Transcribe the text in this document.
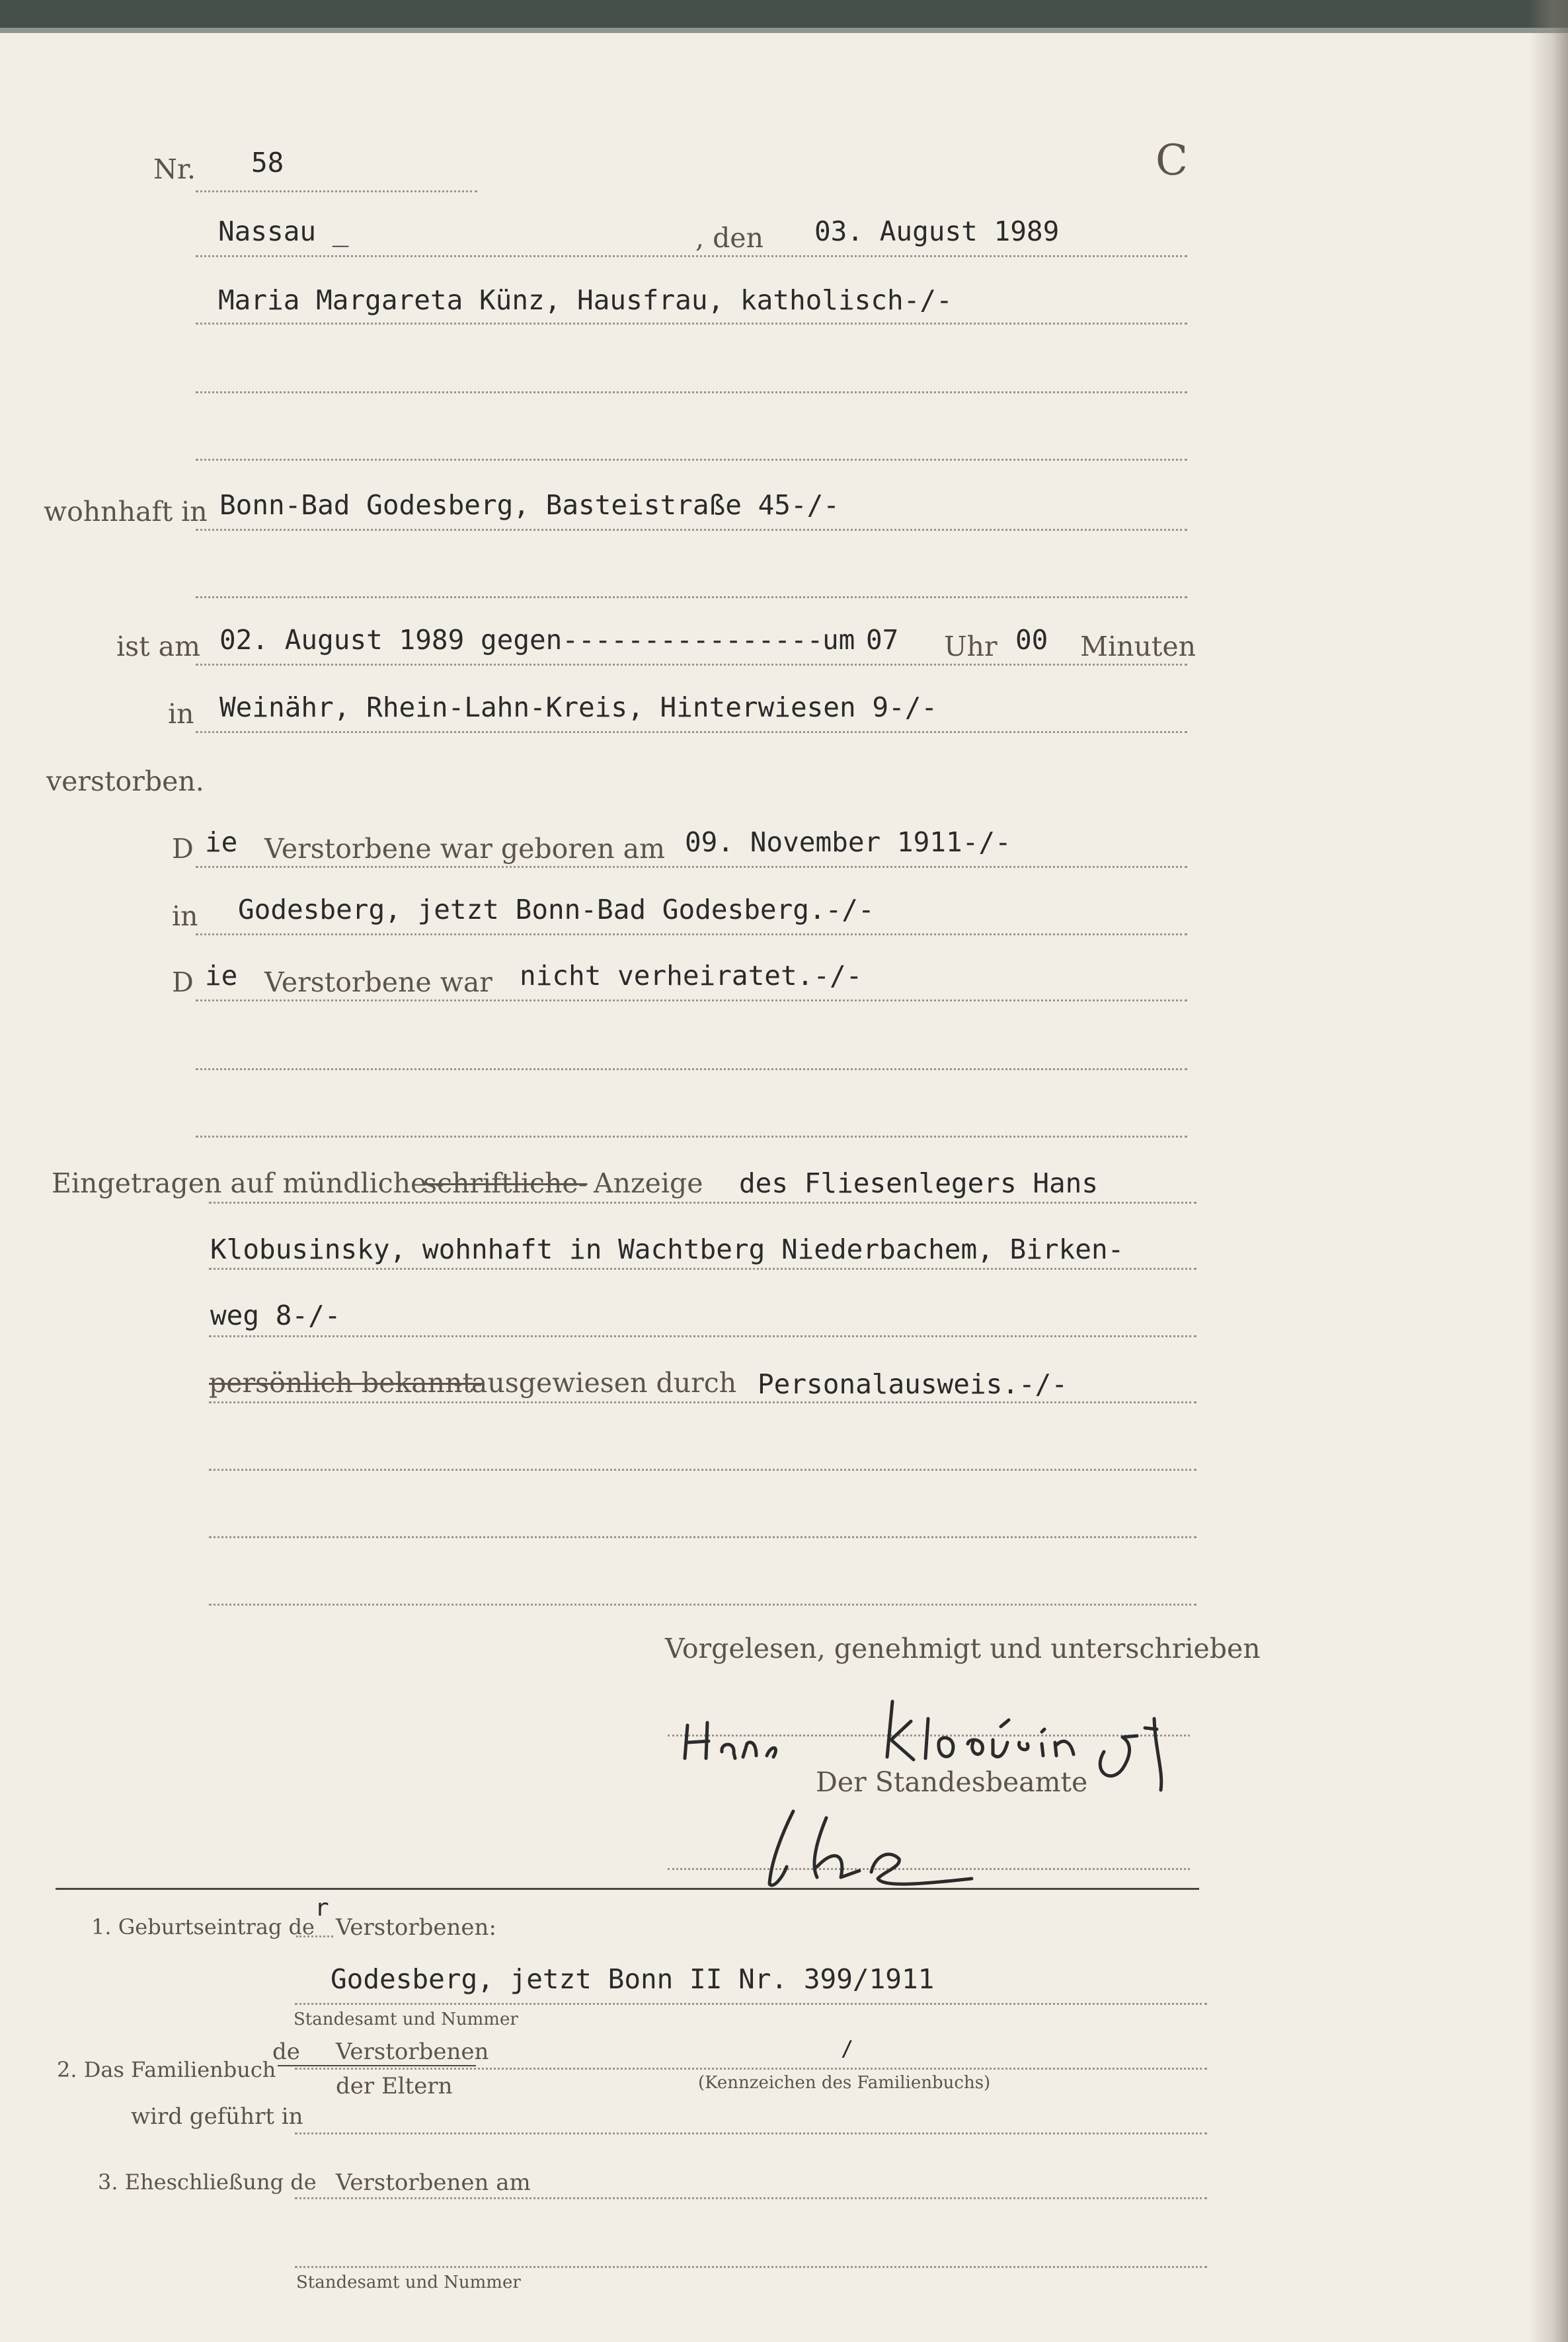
Nr. 58	C
Nassau _	, den 03. August 1989
Maria Margareta Künz, Hausfrau, katholisch-/-
wohnhaft in Bonn-Bad Godesberg, Basteistraße 45-/-
ist am 02. August 1989 gegen----------------
um 07 Uhr 00 Minuten
in Weinähr, Rhein-Lahn-Kreis, Hinterwiesen 9-/-
verstorben.
D ie Verstorbene war geboren am 09. November 1911-/-
in Godesberg, jetzt Bonn-Bad Godesberg.-/-
D ie Verstorbene war nicht verheiratet.-/-
Eingetragen auf mündliche -
schriftliche- Anzeige des Fliesenlegers Hans
Klobusinsky, wohnhaft in Wachtberg Niederbachem, Birken-
weg 8-/-
persönlich bekannt-
- ausgewiesen durch Personalausweis.-/-
Vorgelesen, genehmigt und unterschrieben
Der Standesbeamte
1. Geburtseintrag de
r
Verstorbenen:
Godesberg, jetzt Bonn II Nr. 399/1911
Standesamt und Nummer
2. Das Familienbuch
de Verstorbenen
der Eltern
/
(Kennzeichen des Familienbuchs)
wird geführt in
3. Eheschließung de Verstorbenen am
Standesamt und Nummer
